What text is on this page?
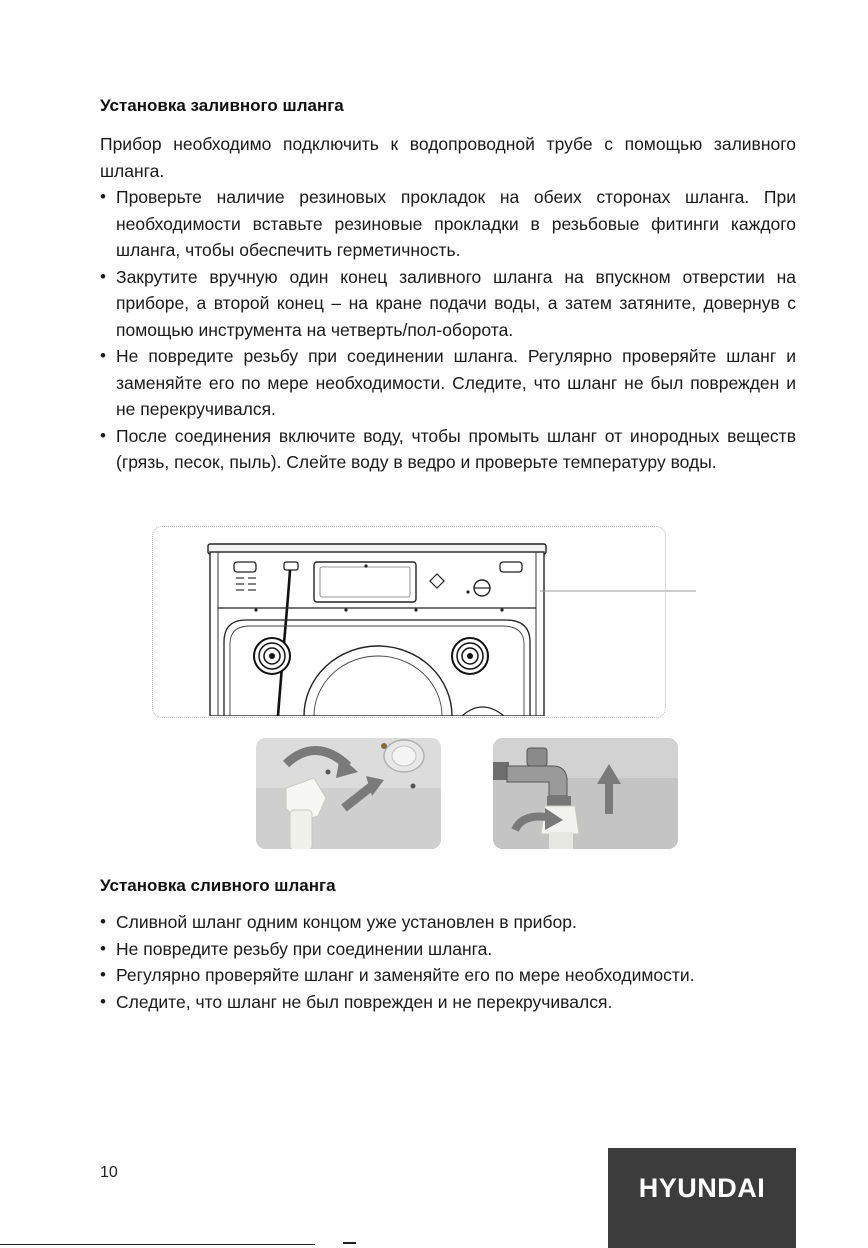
Установка заливного шланга
Прибор необходимо подключить к водопроводной трубе с помощью заливного шланга.
• Проверьте наличие резиновых прокладок на обеих сторонах шланга. При необходимости вставьте резиновые прокладки в резьбовые фитинги каждого шланга, чтобы обеспечить герметичность.
• Закрутите вручную один конец заливного шланга на впускном отверстии на приборе, а второй конец – на кране подачи воды, а затем затяните, довернув с помощью инструмента на четверть/пол-оборота.
• Не повредите резьбу при соединении шланга. Регулярно проверяйте шланг и заменяйте его по мере необходимости. Следите, что шланг не был поврежден и не перекручивался.
• После соединения включите воду, чтобы промыть шланг от инородных веществ (грязь, песок, пыль). Слейте воду в ведро и проверьте температуру воды.
Установка сливного шланга
• Сливной шланг одним концом уже установлен в прибор.
• Не повредите резьбу при соединении шланга.
• Регулярно проверяйте шланг и заменяйте его по мере необходимости.
• Следите, что шланг не был поврежден и не перекручивался.
10	HYUNDAI
